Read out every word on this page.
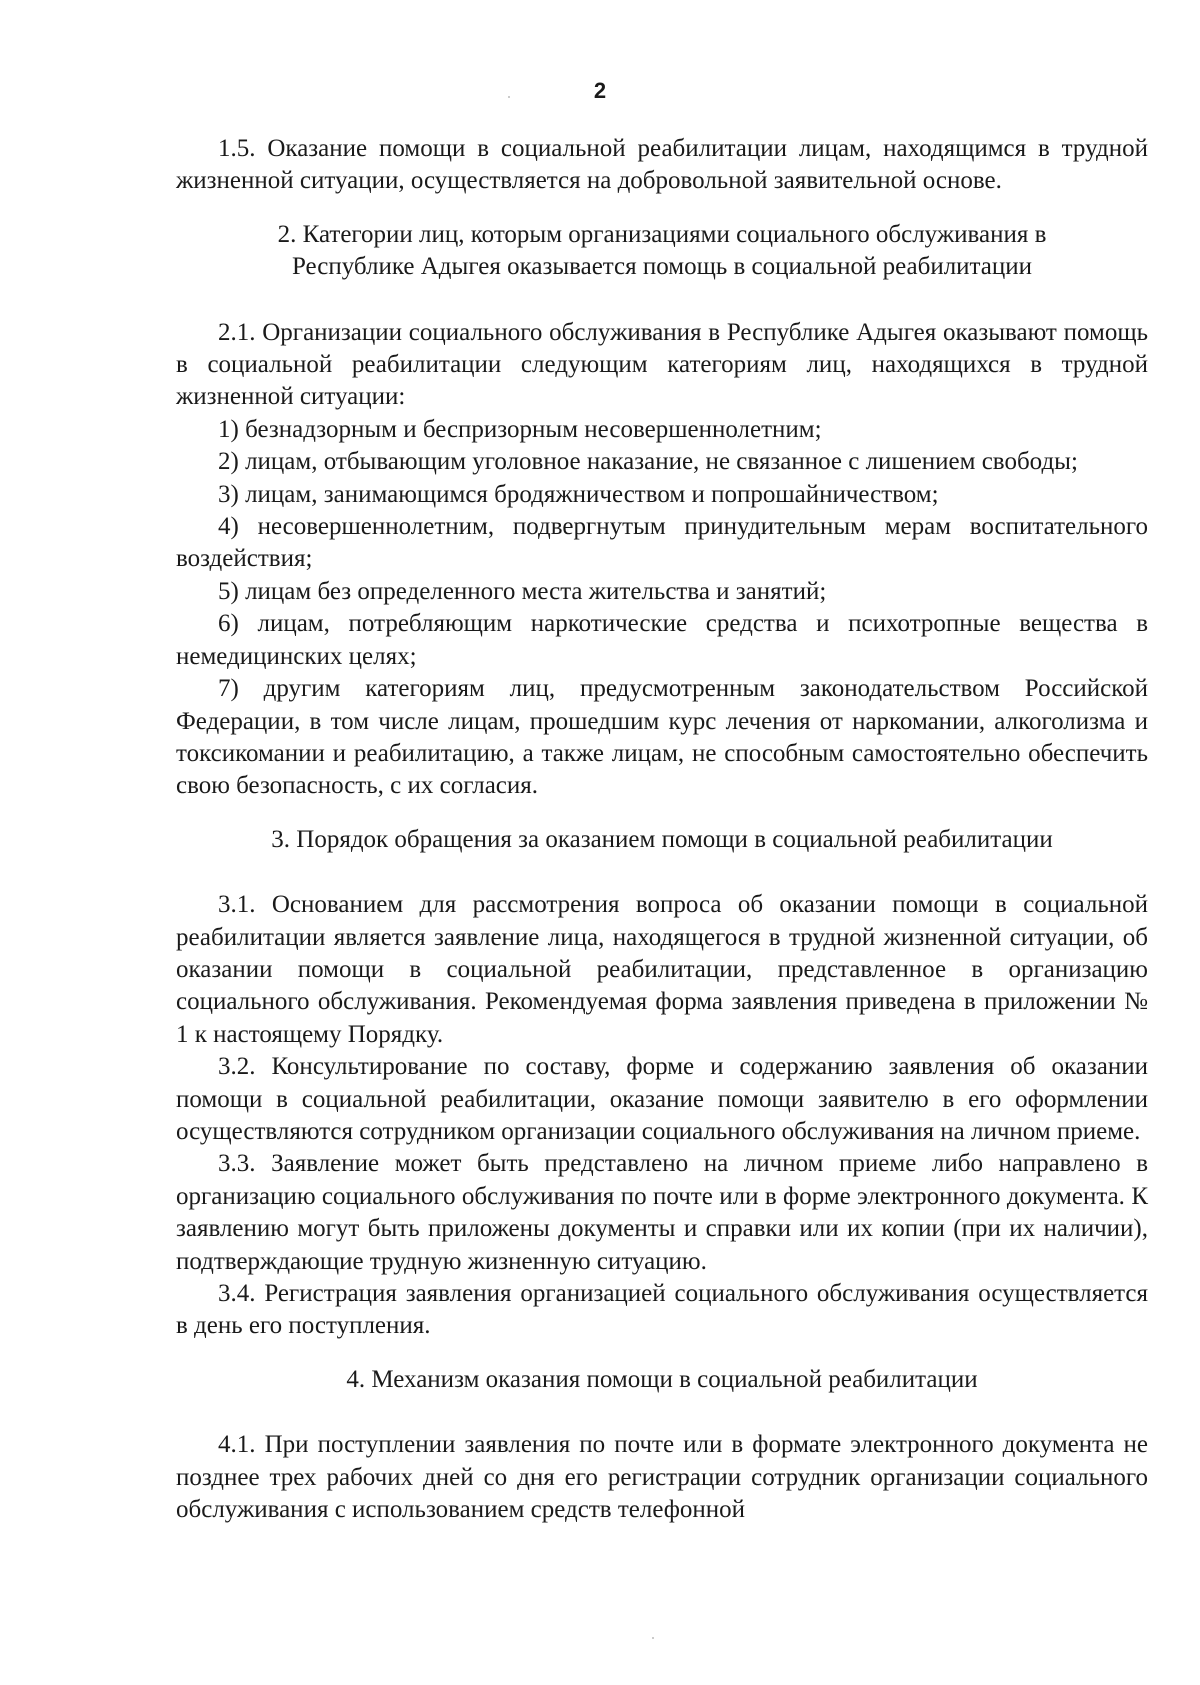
2

1.5. Оказание помощи в социальной реабилитации лицам, находящимся в трудной жизненной ситуации, осуществляется на добровольной заявительной основе.

2. Категории лиц, которым организациями социального обслуживания в Республике Адыгея оказывается помощь в социальной реабилитации

2.1. Организации социального обслуживания в Республике Адыгея оказывают помощь в социальной реабилитации следующим категориям лиц, находящихся в трудной жизненной ситуации:

1) безнадзорным и беспризорным несовершеннолетним;

2) лицам, отбывающим уголовное наказание, не связанное с лишением свободы;

3) лицам, занимающимся бродяжничеством и попрошайничеством;

4) несовершеннолетним, подвергнутым принудительным мерам воспитательного воздействия;

5) лицам без определенного места жительства и занятий;

6) лицам, потребляющим наркотические средства и психотропные вещества в немедицинских целях;

7) другим категориям лиц, предусмотренным законодательством Российской Федерации, в том числе лицам, прошедшим курс лечения от наркомании, алкоголизма и токсикомании и реабилитацию, а также лицам, не способным самостоятельно обеспечить свою безопасность, с их согласия.

3. Порядок обращения за оказанием помощи в социальной реабилитации

3.1. Основанием для рассмотрения вопроса об оказании помощи в социальной реабилитации является заявление лица, находящегося в трудной жизненной ситуации, об оказании помощи в социальной реабилитации, представленное в организацию социального обслуживания. Рекомендуемая форма заявления приведена в приложении № 1 к настоящему Порядку.

3.2. Консультирование по составу, форме и содержанию заявления об оказании помощи в социальной реабилитации, оказание помощи заявителю в его оформлении осуществляются сотрудником организации социального обслуживания на личном приеме.

3.3. Заявление может быть представлено на личном приеме либо направлено в организацию социального обслуживания по почте или в форме электронного документа. К заявлению могут быть приложены документы и справки или их копии (при их наличии), подтверждающие трудную жизненную ситуацию.

3.4. Регистрация заявления организацией социального обслуживания осуществляется в день его поступления.

4. Механизм оказания помощи в социальной реабилитации

4.1. При поступлении заявления по почте или в формате электронного документа не позднее трех рабочих дней со дня его регистрации сотрудник организации социального обслуживания с использованием средств телефонной
